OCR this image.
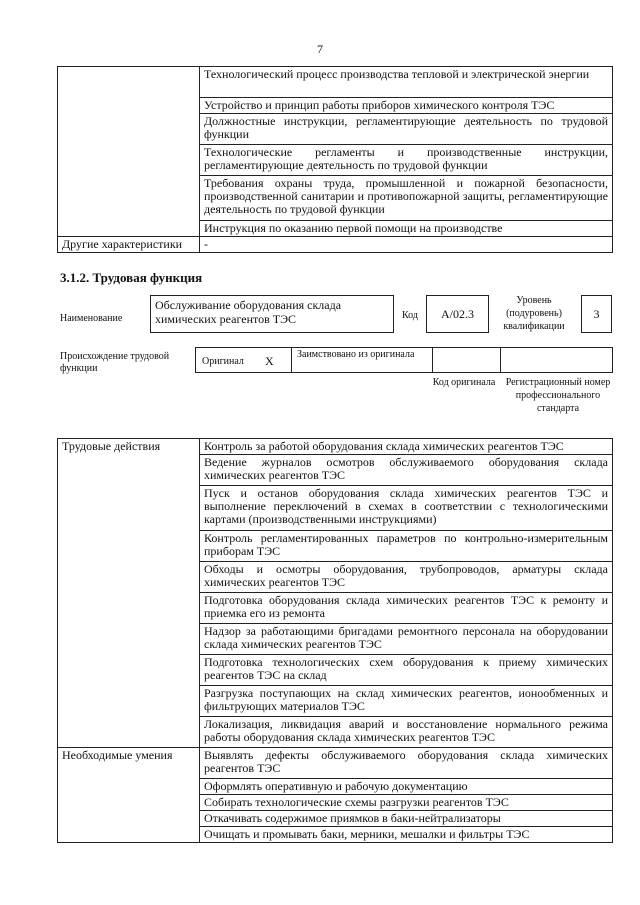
7
	Технологический процесс производства тепловой и электрической энергии
	Устройство и принцип работы приборов химического контроля ТЭС
	Должностные инструкции, регламентирующие деятельность по трудовой функции
	Технологические регламенты и производственные инструкции, регламентирующие деятельность по трудовой функции
	Требования охраны труда, промышленной и пожарной безопасности, производственной санитарии и противопожарной защиты, регламентирующие деятельность по трудовой функции
	Инструкция по оказанию первой помощи на производстве
Другие характеристики	-
3.1.2. Трудовая функция
Наименование
Обслуживание оборудования склада химических реагентов ТЭС	Код	A/02.3
Уровень (подуровень) квалификации
3
Происхождение трудовой функции
Оригинал X Заимствовано из оригинала
Код оригинала Регистрационный номер профессионального стандарта
Трудовые действия	Контроль за работой оборудования склада химических реагентов ТЭС
	Ведение журналов осмотров обслуживаемого оборудования склада химических реагентов ТЭС
	Пуск и останов оборудования склада химических реагентов ТЭС и выполнение переключений в схемах в соответствии с технологическими картами (производственными инструкциями)
	Контроль регламентированных параметров по контрольно-измерительным приборам ТЭС
	Обходы и осмотры оборудования, трубопроводов, арматуры склада химических реагентов ТЭС
	Подготовка оборудования склада химических реагентов ТЭС к ремонту и приемка его из ремонта
	Надзор за работающими бригадами ремонтного персонала на оборудовании склада химических реагентов ТЭС
	Подготовка технологических схем оборудования к приему химических реагентов ТЭС на склад
	Разгрузка поступающих на склад химических реагентов, ионообменных и фильтрующих материалов ТЭС
	Локализация, ликвидация аварий и восстановление нормального режима работы оборудования склада химических реагентов ТЭС
Необходимые умения	Выявлять дефекты обслуживаемого оборудования склада химических реагентов ТЭС
	Оформлять оперативную и рабочую документацию
	Собирать технологические схемы разгрузки реагентов ТЭС
	Откачивать содержимое приямков в баки-нейтрализаторы
	Очищать и промывать баки, мерники, мешалки и фильтры ТЭС
